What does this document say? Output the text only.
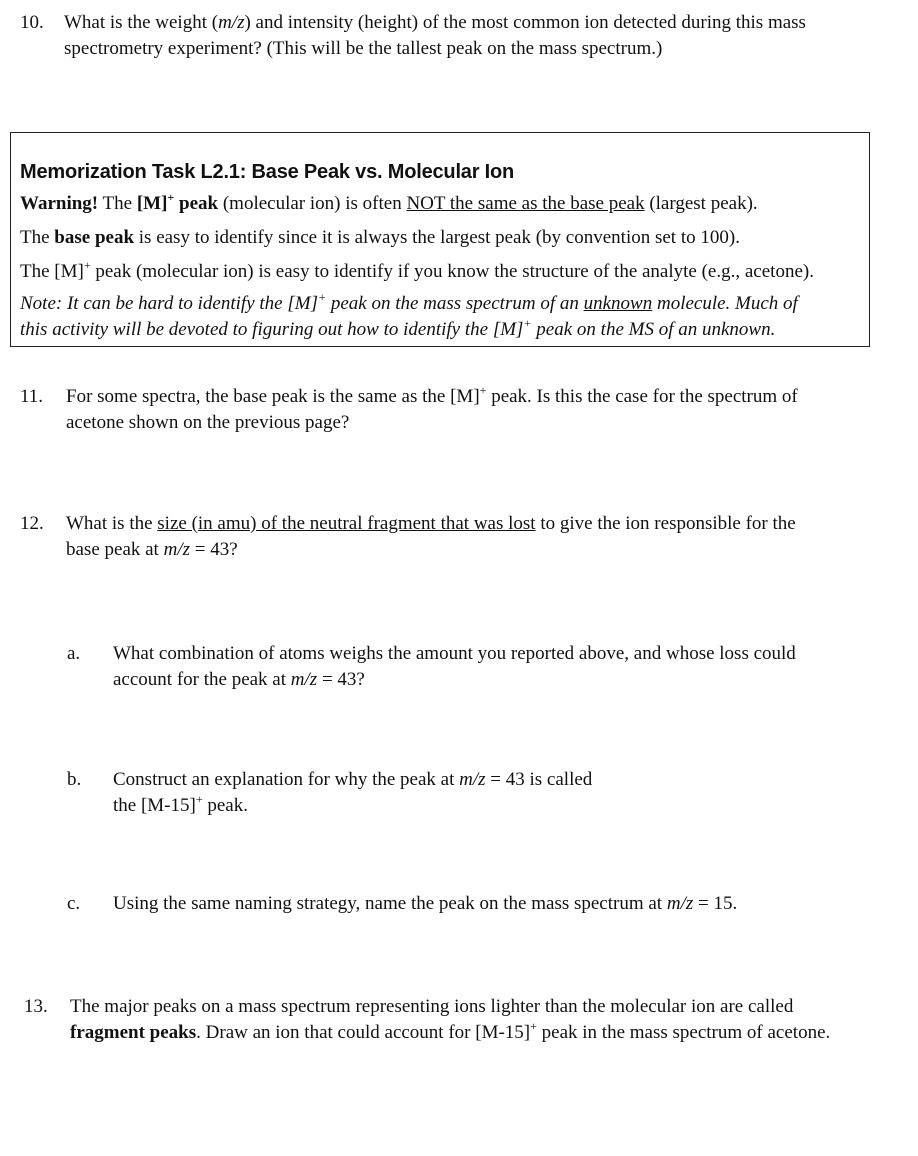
10. What is the weight (m/z) and intensity (height) of the most common ion detected during this mass
spectrometry experiment? (This will be the tallest peak on the mass spectrum.)
Memorization Task L2.1: Base Peak vs. Molecular Ion
Warning! The [M]+ peak (molecular ion) is often NOT the same as the base peak (largest peak).
The base peak is easy to identify since it is always the largest peak (by convention set to 100).
The [M]+ peak (molecular ion) is easy to identify if you know the structure of the analyte (e.g., acetone).
Note: It can be hard to identify the [M]+ peak on the mass spectrum of an unknown molecule. Much of
this activity will be devoted to figuring out how to identify the [M]+ peak on the MS of an unknown.
11. For some spectra, the base peak is the same as the [M]+ peak. Is this the case for the spectrum of
acetone shown on the previous page?
12. What is the size (in amu) of the neutral fragment that was lost to give the ion responsible for the
base peak at m/z = 43?
a. What combination of atoms weighs the amount you reported above, and whose loss could
account for the peak at m/z = 43?
b. Construct an explanation for why the peak at m/z = 43 is called
the [M-15]+ peak.
c. Using the same naming strategy, name the peak on the mass spectrum at m/z = 15.
13. The major peaks on a mass spectrum representing ions lighter than the molecular ion are called
fragment peaks. Draw an ion that could account for [M-15]+ peak in the mass spectrum of acetone.
